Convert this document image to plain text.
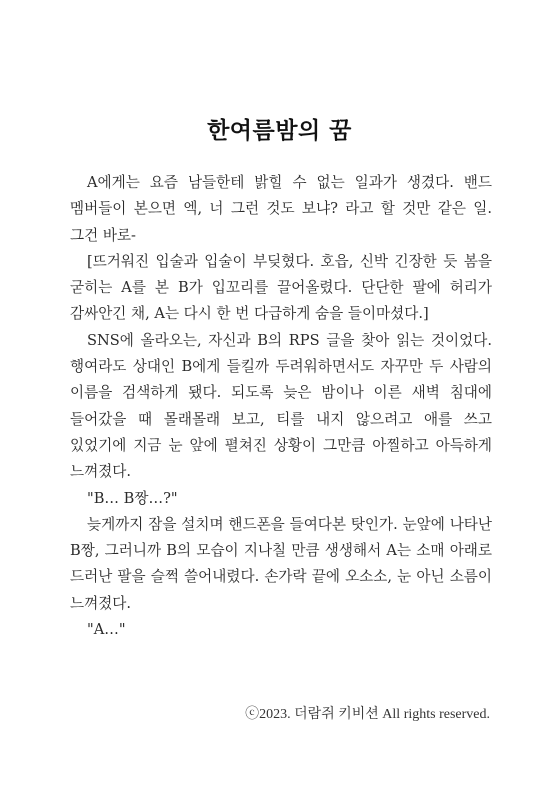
한여름밤의 꿈

A에게는 요즘 남들한테 밝힐 수 없는 일과가 생겼다. 밴드 멤버들이 본으면 엑, 너 그런 것도 보냐? 라고 할 것만 같은 일. 그건 바로-

[뜨거워진 입술과 입술이 부딪혔다. 호읍, 신박 긴장한 듯 봄을 굳히는 A를 본 B가 입꼬리를 끌어올렸다. 단단한 팔에 허리가 감싸안긴 채, A는 다시 한 번 다급하게 숨을 들이마셨다.]

SNS에 올라오는, 자신과 B의 RPS 글을 찾아 읽는 것이었다. 행여라도 상대인 B에게 들킬까 두려워하면서도 자꾸만 두 사람의 이름을 검색하게 됐다. 되도록 늦은 밤이나 이른 새벽 침대에 들어갔을 때 몰래몰래 보고, 티를 내지 않으려고 애를 쓰고 있었기에 지금 눈 앞에 펼쳐진 상황이 그만큼 아찔하고 아득하게 느껴졌다.

"B… B짱…?"

늦게까지 잠을 설치며 핸드폰을 들여다본 탓인가. 눈앞에 나타난 B짱, 그러니까 B의 모습이 지나칠 만큼 생생해서 A는 소매 아래로 드러난 팔을 슬쩍 쓸어내렸다. 손가락 끝에 오소소, 눈 아닌 소름이 느껴졌다.

"A…"

ⓒ2023. 더람쥐 키비션 All rights reserved.
